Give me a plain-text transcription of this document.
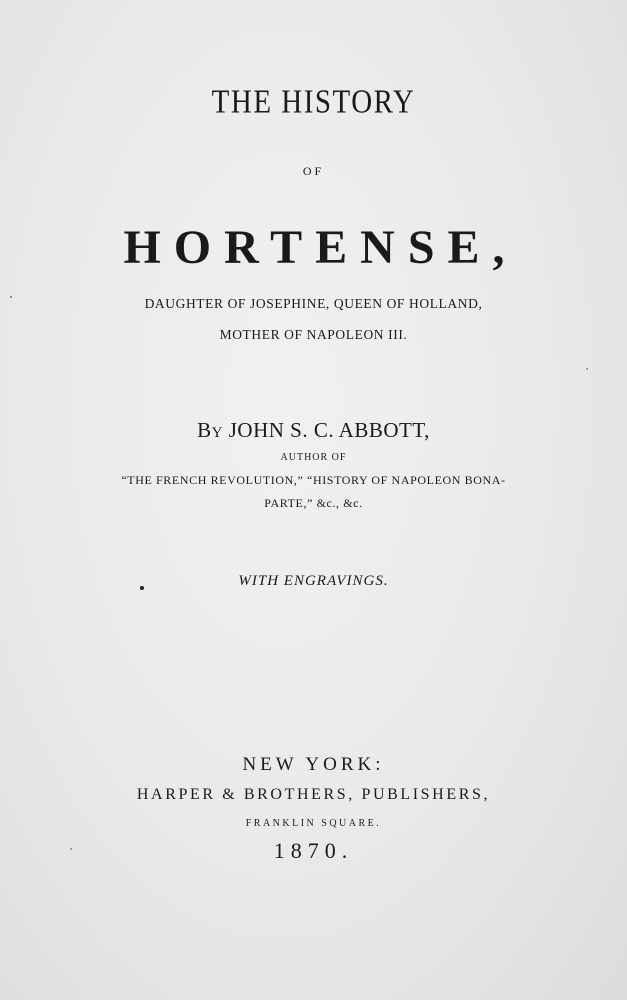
THE HISTORY
OF
HORTENSE,
DAUGHTER OF JOSEPHINE, QUEEN OF HOLLAND,
MOTHER OF NAPOLEON III.
BY JOHN S. C. ABBOTT,
AUTHOR OF
“THE FRENCH REVOLUTION,” “HISTORY OF NAPOLEON BONA-
PARTE,” &c., &c.
WITH ENGRAVINGS.
NEW YORK:
HARPER & BROTHERS, PUBLISHERS,
FRANKLIN SQUARE.
1870.
